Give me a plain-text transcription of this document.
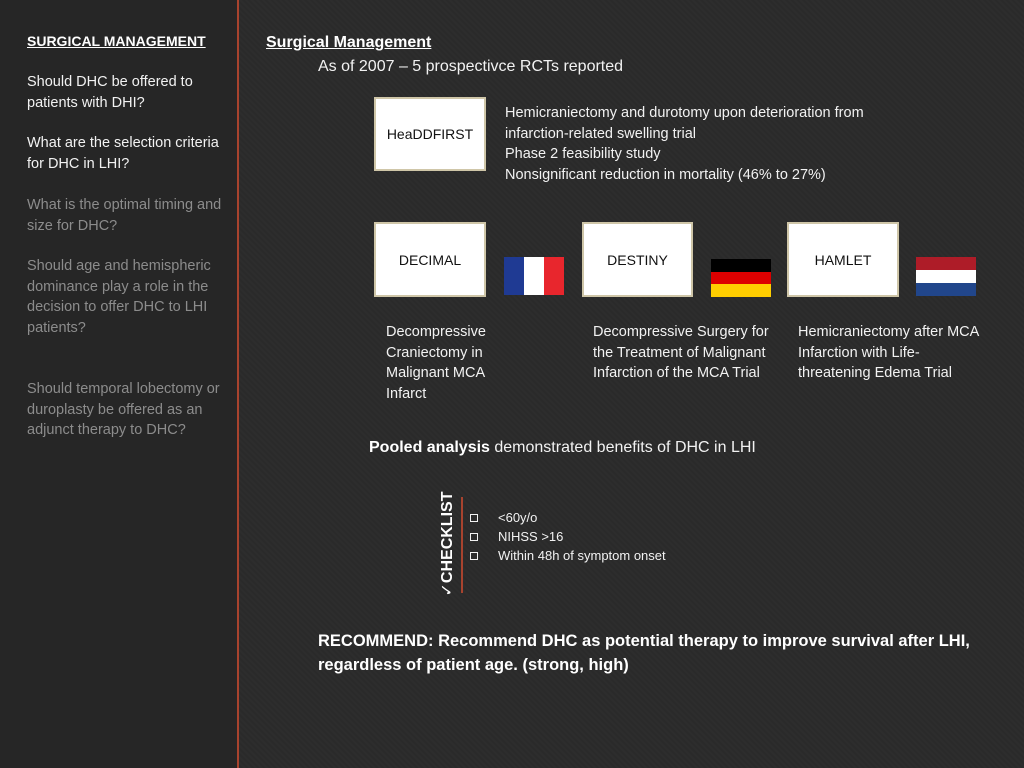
SURGICAL MANAGEMENT
Should DHC be offered to patients with DHI?
What are the selection criteria for DHC in LHI?
What is the optimal timing and size for DHC?
Should age and hemispheric dominance play a role in the decision to offer DHC to LHI patients?
Should temporal lobectomy or duroplasty be offered as an adjunct therapy to DHC?
Surgical Management
As of 2007 – 5 prospectivce RCTs reported
HeaDDFIRST
Hemicraniectomy and durotomy upon deterioration from
infarction-related swelling trial
Phase 2 feasibility study
Nonsignificant reduction in mortality (46% to 27%)
DECIMAL
Decompressive Craniectomy in Malignant MCA Infarct
DESTINY
Decompressive Surgery for the Treatment of Malignant Infarction of the MCA Trial
HAMLET
Hemicraniectomy after MCA Infarction with Life-threatening Edema Trial
Pooled analysis demonstrated benefits of DHC in LHI
✓CHECKLIST	<60y/o
NIHSS >16
Within 48h of symptom onset
RECOMMEND: Recommend DHC as potential therapy to improve survival after LHI, regardless of patient age. (strong, high)
